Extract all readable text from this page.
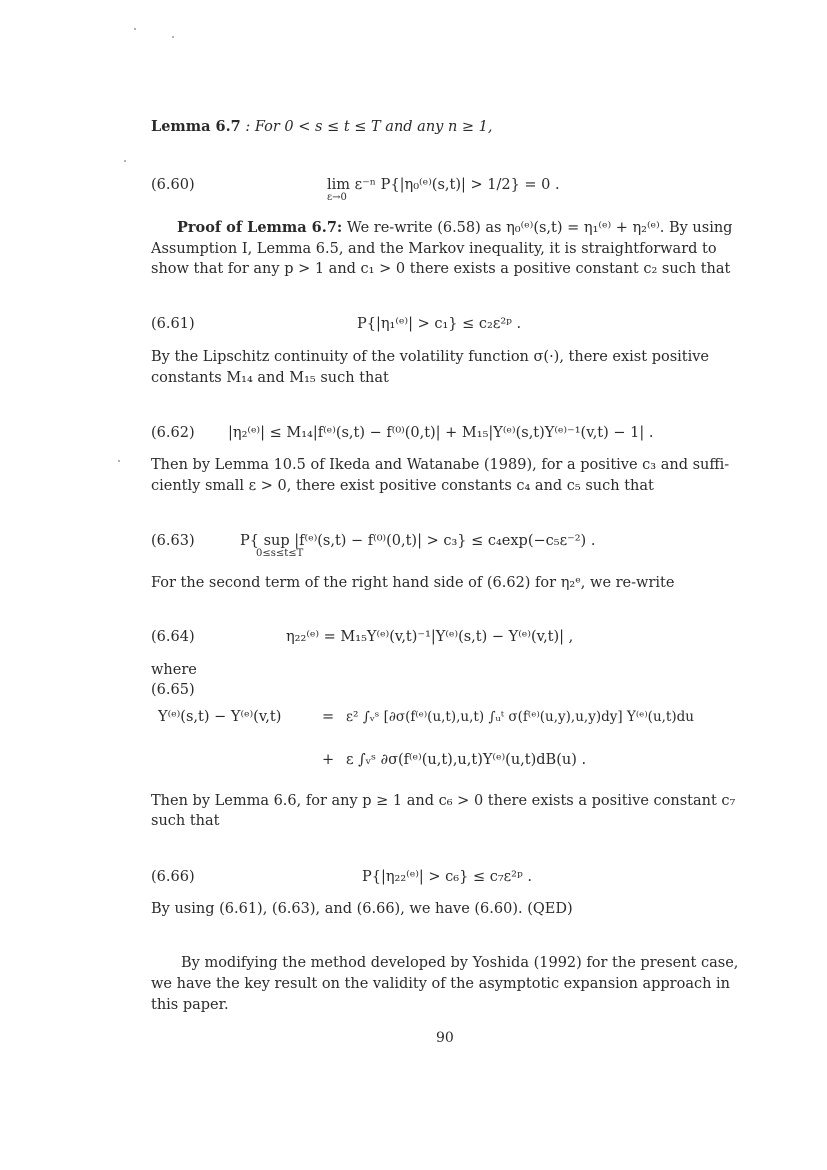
Lemma 6.7 : For 0 < s ≤ t ≤ T and any n ≥ 1,
(6.60)	lim ε⁻ⁿ P{|η₀⁽ᵉ⁾(s,t)| > 1/2} = 0 .
ε→0
Proof of Lemma 6.7: We re-write (6.58) as η₀⁽ᵉ⁾(s,t) = η₁⁽ᵉ⁾ + η₂⁽ᵉ⁾. By using
Assumption I, Lemma 6.5, and the Markov inequality, it is straightforward to
show that for any p > 1 and c₁ > 0 there exists a positive constant c₂ such that
(6.61)	P{|η₁⁽ᵉ⁾| > c₁} ≤ c₂ε²ᵖ .
By the Lipschitz continuity of the volatility function σ(·), there exist positive
constants M₁₄ and M₁₅ such that
(6.62) |η₂⁽ᵉ⁾| ≤ M₁₄|f⁽ᵉ⁾(s,t) − f⁽⁰⁾(0,t)| + M₁₅|Y⁽ᵉ⁾(s,t)Y⁽ᵉ⁾⁻¹(v,t) − 1| .
Then by Lemma 10.5 of Ikeda and Watanabe (1989), for a positive c₃ and suffi-
ciently small ε > 0, there exist positive constants c₄ and c₅ such that
(6.63)	P{ sup |f⁽ᵉ⁾(s,t) − f⁽⁰⁾(0,t)| > c₃} ≤ c₄exp(−c₅ε⁻²) .
0≤s≤t≤T
For the second term of the right hand side of (6.62) for η₂ᵉ, we re-write
(6.64)	η₂₂⁽ᵉ⁾ = M₁₅Y⁽ᵉ⁾(v,t)⁻¹|Y⁽ᵉ⁾(s,t) − Y⁽ᵉ⁾(v,t)| ,
where
(6.65)
Y⁽ᵉ⁾(s,t) − Y⁽ᵉ⁾(v,t)	= ε² ∫ᵥˢ [∂σ(f⁽ᵉ⁾(u,t),u,t) ∫ᵤᵗ σ(f⁽ᵉ⁾(u,y),u,y)dy] Y⁽ᵉ⁾(u,t)du
+ ε ∫ᵥˢ ∂σ(f⁽ᵉ⁾(u,t),u,t)Y⁽ᵉ⁾(u,t)dB(u) .
Then by Lemma 6.6, for any p ≥ 1 and c₆ > 0 there exists a positive constant c₇
such that
(6.66)	P{|η₂₂⁽ᵉ⁾| > c₆} ≤ c₇ε²ᵖ .
By using (6.61), (6.63), and (6.66), we have (6.60). (QED)
By modifying the method developed by Yoshida (1992) for the present case,
we have the key result on the validity of the asymptotic expansion approach in
this paper.
90
